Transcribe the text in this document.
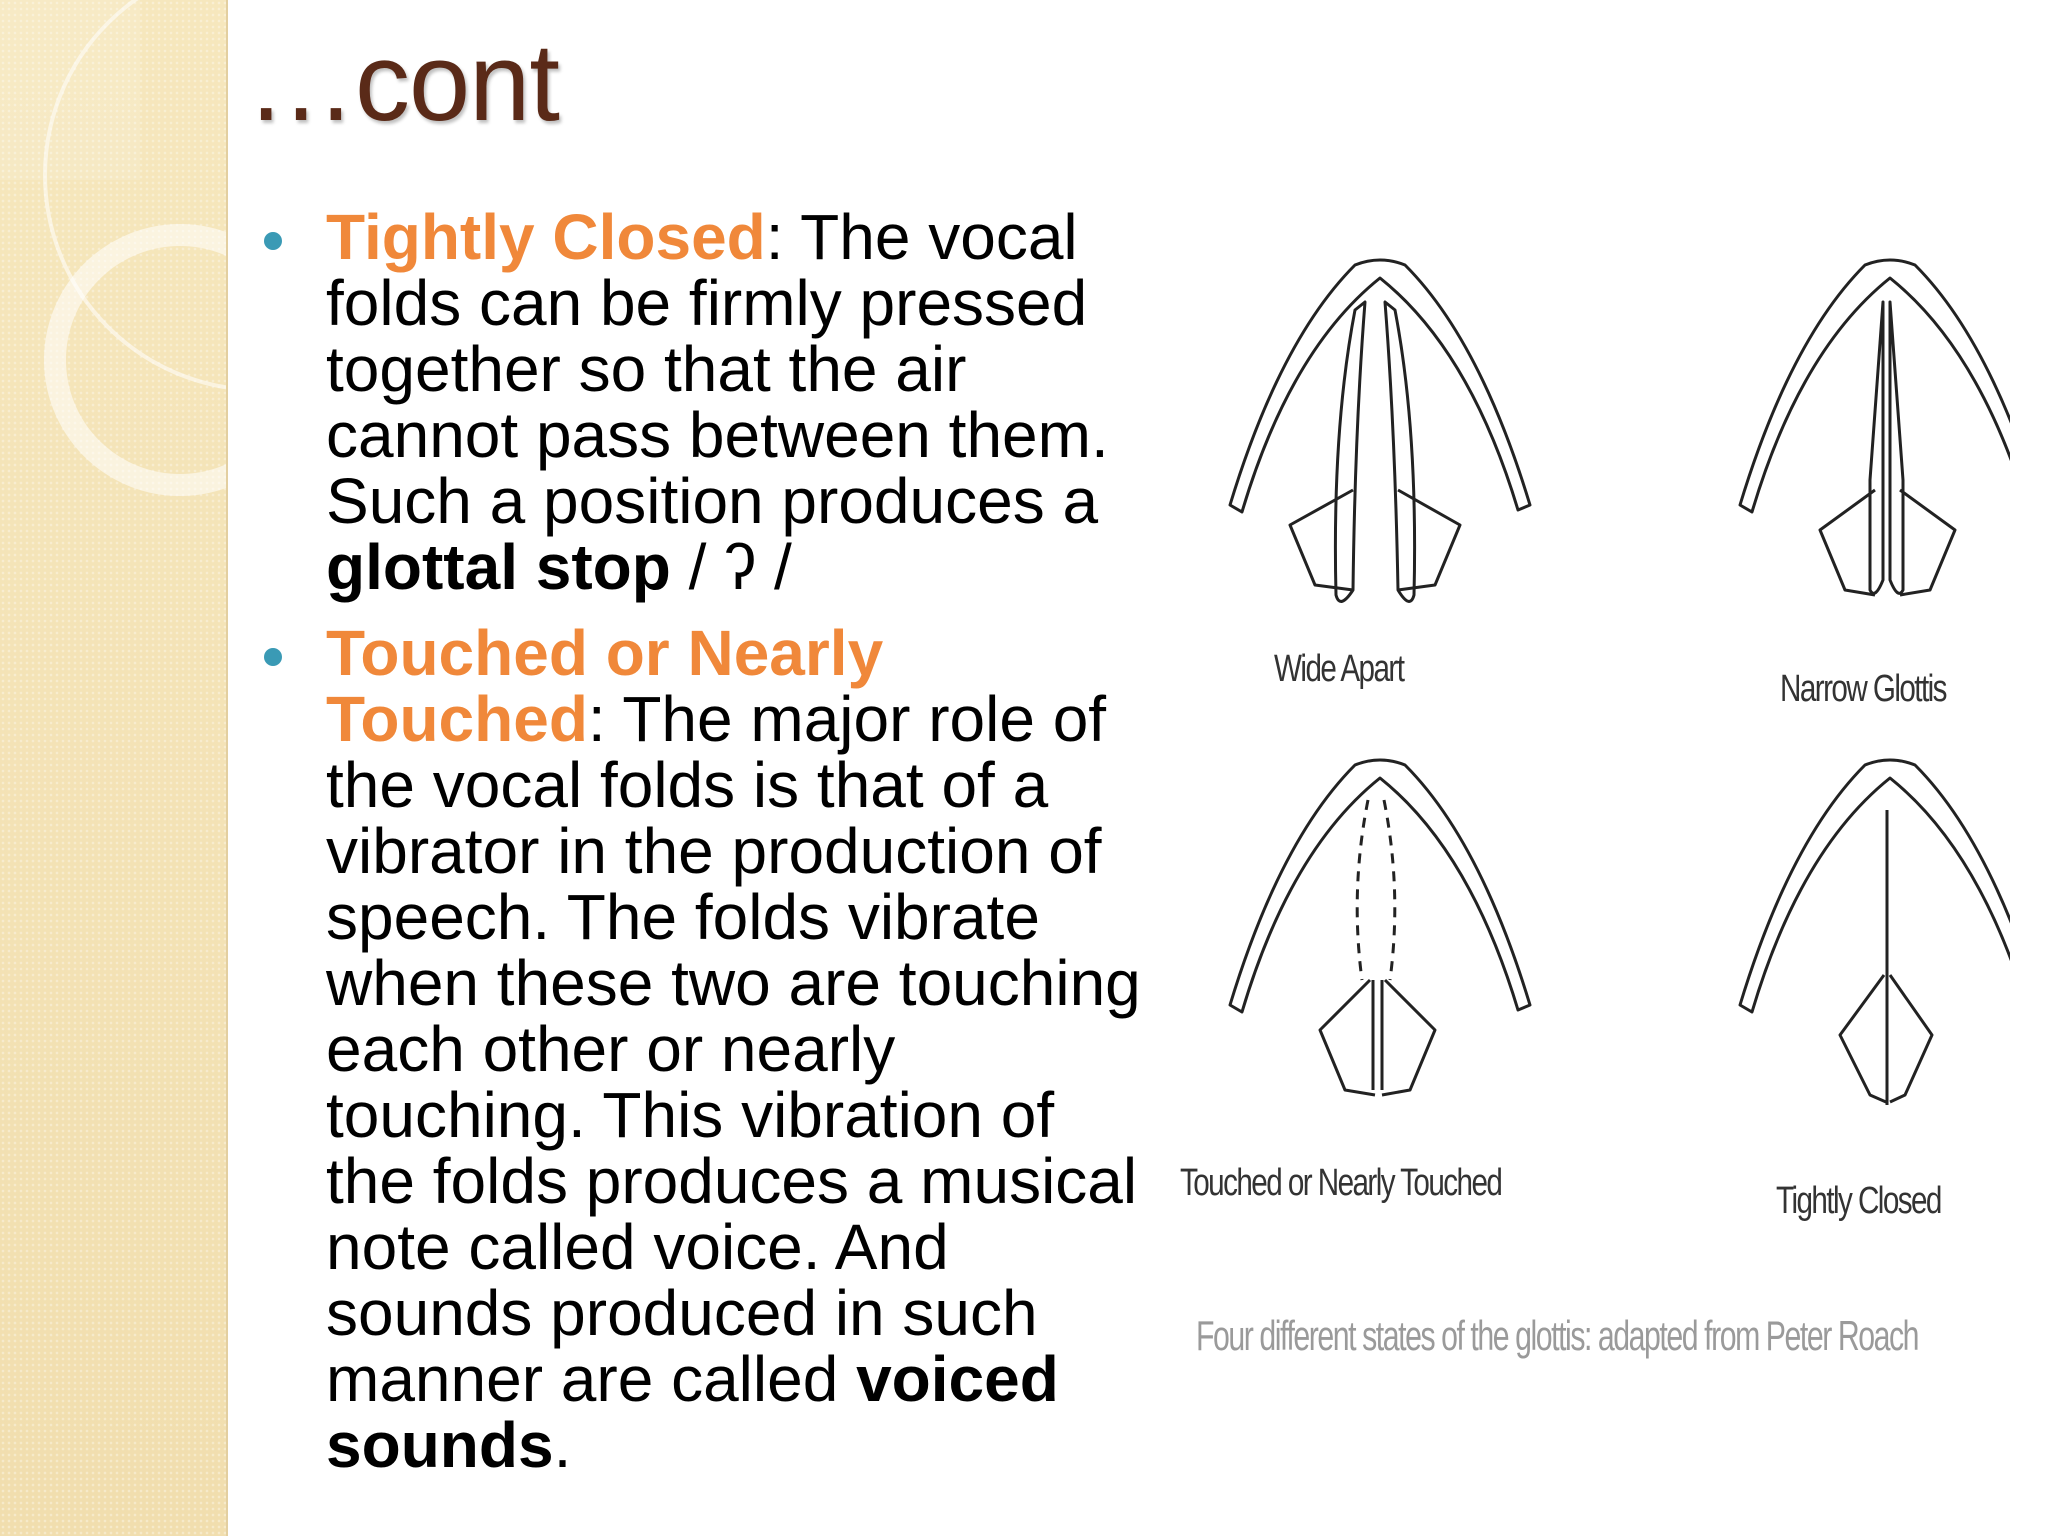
…cont
Tightly Closed: The vocal folds can be firmly pressed together so that the air cannot pass between them. Such a position produces a glottal stop / ʔ /
Touched or Nearly Touched: The major role of the vocal folds is that of a vibrator in the production of speech. The folds vibrate when these two are touching each other or nearly touching. This vibration of the folds produces a musical note called voice. And sounds produced in such manner are called voiced sounds.
Wide Apart	Narrow Glottis
Touched or Nearly Touched	Tightly Closed
Four different states of the glottis: adapted from Peter Roach
